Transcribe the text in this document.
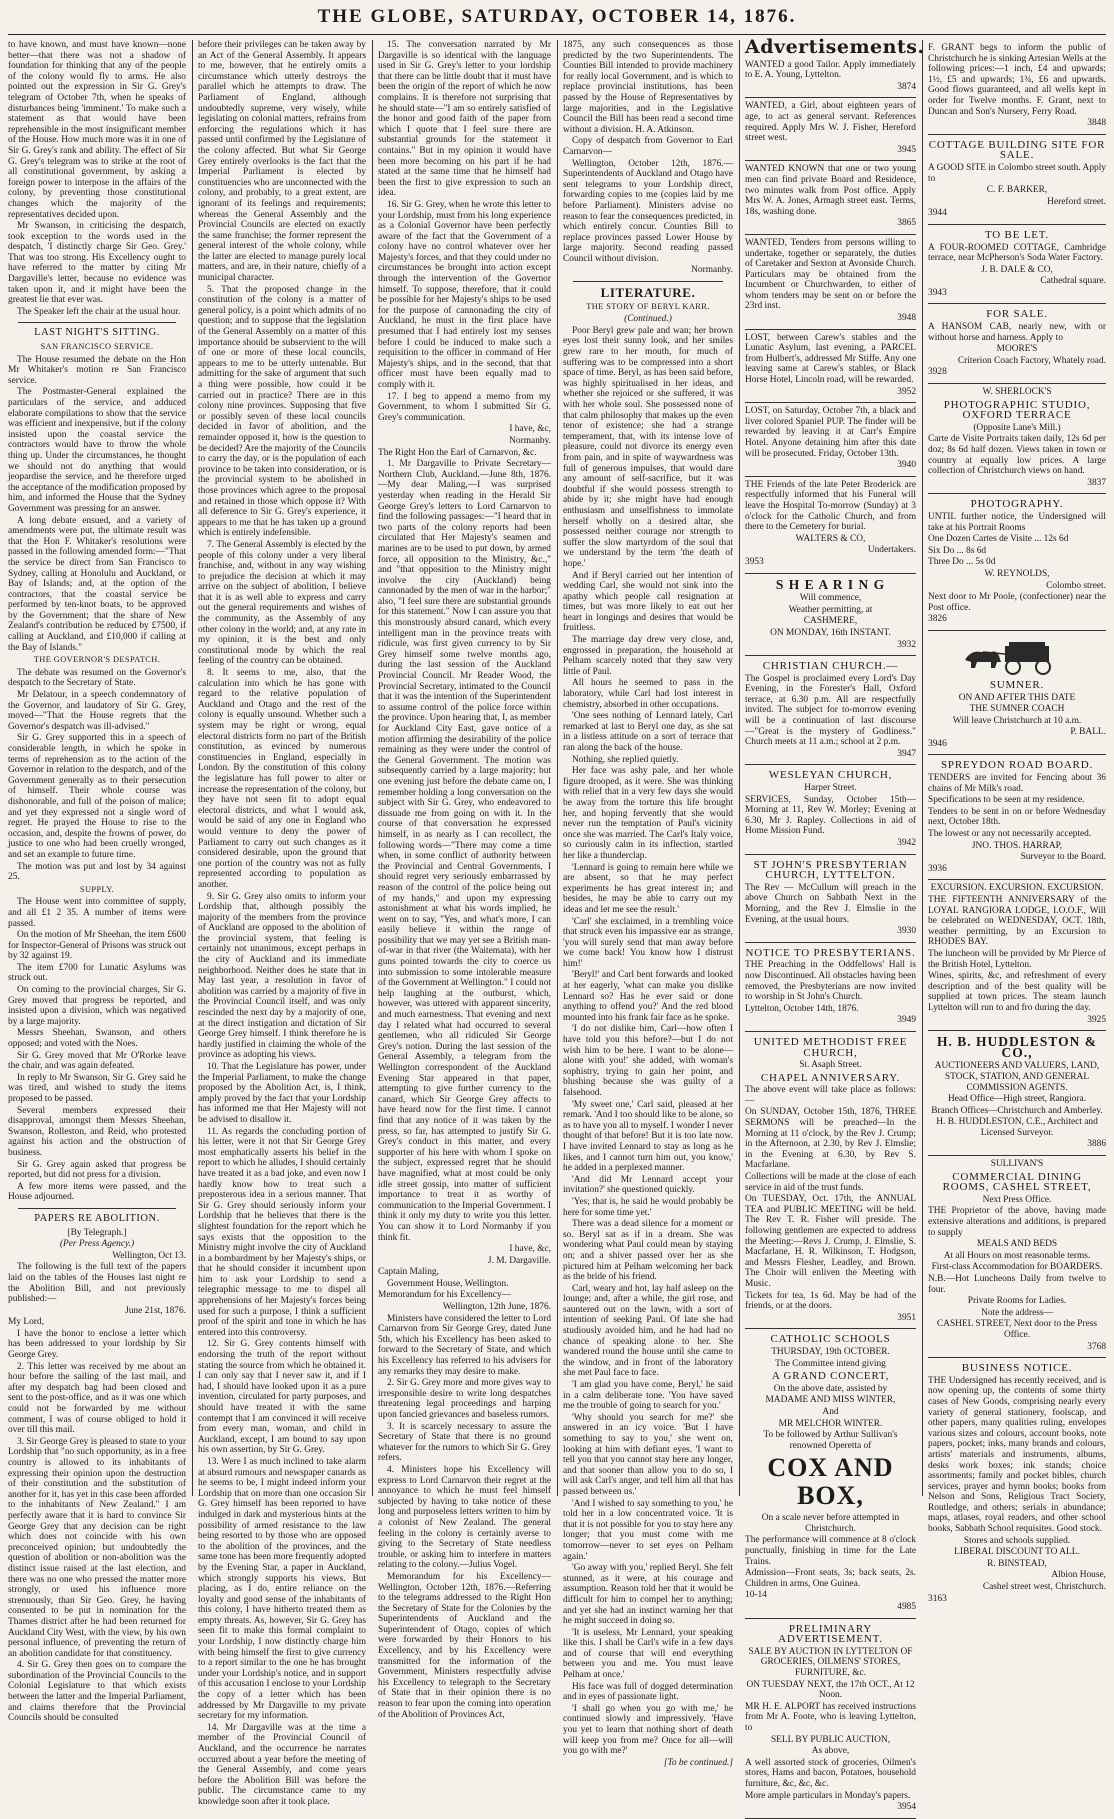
THE GLOBE, SATURDAY, OCTOBER 14, 1876.

to have known, and must have known—none better—that there was not a shadow of foundation for thinking that any of the people of the colony would fly to arms. He also pointed out the expression in Sir G. Grey's telegram of October 7th, when he speaks of disturbances being 'imminent.' To make such a statement as that would have been reprehensible in the most insignificant member of the House. How much more was it in one of Sir G. Grey's rank and ability. The effect of Sir G. Grey's telegram was to strike at the root of all constitutional government, by asking a foreign power to interpose in the affairs of the colony, by preventing those constitutional changes which the majority of the representatives decided upon.

Mr Swanson, in criticising the despatch, took exception to the words used in the despatch, 'I distinctly charge Sir Geo. Grey.' That was too strong. His Excellency ought to have referred to the matter by citing Mr Dargaville's letter, because no evidence was taken upon it, and it might have been the greatest lie that ever was.

The Speaker left the chair at the usual hour.

LAST NIGHT'S SITTING.

SAN FRANCISCO SERVICE.

The House resumed the debate on the Hon Mr Whitaker's motion re San Francisco service.

The Postmaster-General explained the particulars of the service, and adduced elaborate compilations to show that the service was efficient and inexpensive, but if the colony insisted upon the coastal service the contractors would have to throw the whole thing up. Under the circumstances, he thought we should not do anything that would jeopardise the service, and he therefore urged the acceptance of the modification proposed by him, and informed the House that the Sydney Government was pressing for an answer.

A long debate ensued, and a variety of amendments were put, the ultimate result was that the Hon F. Whitaker's resolutions were passed in the following amended form:—"That the service be direct from San Francisco to Sydney, calling at Honolulu and Auckland, or Bay of Islands; and, at the option of the contractors, that the coastal service be performed by ten-knot boats, to be approved by the Government; that the share of New Zealand's contribution be reduced by £7500, if calling at Auckland, and £10,000 if calling at the Bay of Islands."

THE GOVERNOR'S DESPATCH.

The debate was resumed on the Governor's despatch to the Secretary of State.

Mr Delatour, in a speech condemnatory of the Governor, and laudatory of Sir G. Grey, moved—"That the House regrets that the Governor's despatch was ill-advised."

Sir G. Grey supported this in a speech of considerable length, in which he spoke in terms of reprehension as to the action of the Governor in relation to the despatch, and of the Government generally as to their persecution of himself. Their whole course was dishonorable, and full of the poison of malice; and yet they expressed not a single word of regret. He prayed the House to rise to the occasion, and, despite the frowns of power, do justice to one who had been cruelly wronged, and set an example to future time.

The motion was put and lost by 34 against 25.

SUPPLY.

The House went into committee of supply, and all £1 2 35. A number of items were passed.

On the motion of Mr Sheehan, the item £600 for Inspector-General of Prisons was struck out by 32 against 19.

The item £700 for Lunatic Asylums was struck out.

On coming to the provincial charges, Sir G. Grey moved that progress be reported, and insisted upon a division, which was negatived by a large majority.

Messrs Sheehan, Swanson, and others opposed; and voted with the Noes.

Sir G. Grey moved that Mr O'Rorke leave the chair, and was again defeated.

In reply to Mr Swanson, Sir G. Grey said he was tired, and wished to study the items proposed to be passed.

Several members expressed their disapproval, amongst them Messrs Sheehan, Swanson, Rolleston, and Reid, who protested against his action and the obstruction of business.

Sir G. Grey again asked that progress be reported, but did not press for a division.

A few more items were passed, and the House adjourned.

PAPERS RE ABOLITION.

[By Telegraph.]

(Per Press Agency.)

Wellington, Oct 13.

The following is the full text of the papers laid on the tables of the Houses last night re the Abolition Bill, and not previously published:—

June 21st, 1876.

My Lord,

I have the honor to enclose a letter which has been addressed to your lordship by Sir George Grey.

2. This letter was received by me about an hour before the sailing of the last mail, and after my despatch bag had been closed and sent to the post-office, and as it was one which could not be forwarded by me without comment, I was of course obliged to hold it over till this mail.

3. Sir George Grey is pleased to state to your Lordship that "no such opportunity, as in a free country is allowed to its inhabitants of expressing their opinion upon the destruction of their constitution and the substitution of another for it, has yet in this case been afforded to the inhabitants of New Zealand." I am perfectly aware that it is hard to convince Sir George Grey that any decision can be right which does not coincide with his own preconceived opinion; but undoubtedly the question of abolition or non-abolition was the distinct issue raised at the last election, and there was no one who pressed the matter more strongly, or used his influence more strenuously, than Sir Geo. Grey, he having consented to be put in nomination for the Thames district after he had been returned for Auckland City West, with the view, by his own personal influence, of preventing the return of an abolition candidate for that constituency.

4. Sir G. Grey then goes on to compare the subordination of the Provincial Councils to the Colonial Legislature to that which exists between the latter and the Imperial Parliament, and claims therefore that the Provincial Councils should be consulted

before their privileges can be taken away by an Act of the General Assembly. It appears to me, however, that he entirely omits a circumstance which utterly destroys the parallel which he attempts to draw. The Parliament of England, although undoubtedly supreme, very wisely, while legislating on colonial matters, refrains from enforcing the regulations which it has passed until confirmed by the Legislature of the colony affected. But what Sir George Grey entirely overlooks is the fact that the Imperial Parliament is elected by constituencies who are unconnected with the colony, and probably, to a great extent, are ignorant of its feelings and requirements; whereas the General Assembly and the Provincial Councils are elected on exactly the same franchise; the former represent the general interest of the whole colony, while the latter are elected to manage purely local matters, and are, in their nature, chiefly of a municipal character.

5. That the proposed change in the constitution of the colony is a matter of general policy, is a point which admits of no question; and to suppose that the legislation of the General Assembly on a matter of this importance should be subservient to the will of one or more of these local councils, appears to me to be utterly untenable. But admitting for the sake of argument that such a thing were possible, how could it be carried out in practice? There are in this colony nine provinces. Supposing that five or possibly seven of these local councils decided in favor of abolition, and the remainder opposed it, how is the question to be decided? Are the majority of the Councils to carry the day, or is the population of each province to be taken into consideration, or is the provincial system to be abolished in those provinces which agree to the proposal and retained in those which oppose it? With all deference to Sir G. Grey's experience, it appears to me that he has taken up a ground which is entirely indefensible.

7. The General Assembly is elected by the people of this colony under a very liberal franchise, and, without in any way wishing to prejudice the decision at which it may arrive on the subject of abolition, I believe that it is as well able to express and carry out the general requirements and wishes of the community, as the Assembly of any other colony in the world; and, at any rate in my opinion, it is the best and only constitutional mode by which the real feeling of the country can be obtained.

8. It seems to me, also, that the calculation into which he has gone with regard to the relative population of Auckland and Otago and the rest of the colony is equally unsound. Whether such a system may be right or wrong, equal electoral districts form no part of the British constitution, as evinced by numerous constituencies in England, especially in London. By the constitution of this colony the legislature has full power to alter or increase the representation of the colony, but they have not seen fit to adopt equal electoral districts, and what I would ask, would be said of any one in England who would venture to deny the power of Parliament to carry out such changes as it considered desirable, upon the ground that one portion of the country was not as fully represented according to population as another.

9. Sir G. Grey also omits to inform your Lordship that, although possibly the majority of the members from the province of Auckland are opposed to the abolition of the provincial system, that feeling is certainly not unanimous, except perhaps in the city of Auckland and its immediate neighborhood. Neither does he state that in May last year, a resolution in favor of abolition was carried by a majority of five in the Provincial Council itself, and was only rescinded the next day by a majority of one, at the direct instigation and dictation of Sir George Grey himself. I think therefore he is hardly justified in claiming the whole of the province as adopting his views.

10. That the Legislature has power, under the Imperial Parliament, to make the change proposed by the Abolition Act, is, I think, amply proved by the fact that your Lordship has informed me that Her Majesty will not be advised to disallow it.

11. As regards the concluding portion of his letter, were it not that Sir George Grey most emphatically asserts his belief in the report to which he alludes, I should certainly have treated it as a bad joke, and even now I hardly know how to treat such a preposterous idea in a serious manner. That Sir G. Grey should seriously inform your Lordship that he believes that there is the slightest foundation for the report which he says exists that the opposition to the Ministry might involve the city of Auckland in a bombardment by her Majesty's ships, or that he should consider it incumbent upon him to ask your Lordship to send a telegraphic message to me to dispel all apprehensions of her Majesty's forces being used for such a purpose, I think a sufficient proof of the spirit and tone in which he has entered into this controversy.

12. Sir G. Grey contents himself with endorsing the truth of the report without stating the source from which he obtained it. I can only say that I never saw it, and if I had, I should have looked upon it as a pure invention, circulated for party purposes, and should have treated it with the same contempt that I am convinced it will receive from every man, woman, and child in Auckland, except, I am bound to say upon his own assertion, by Sir G. Grey.

13. Were I as much inclined to take alarm at absurd rumours and newspaper canards as he seems to be, I might indeed inform your Lordship that on more than one occasion Sir G. Grey himself has been reported to have indulged in dark and mysterious hints at the possibility of armed resistance to the law being resorted to by those who are opposed to the abolition of the provinces, and the same tone has been more frequently adopted by the Evening Star, a paper in Auckland, which strongly supports his views. But placing, as I do, entire reliance on the loyalty and good sense of the inhabitants of this colony, I have hitherto treated them as empty threats. As, however, Sir G. Grey has seen fit to make this formal complaint to your Lordship, I now distinctly charge him with being himself the first to give currency to a report similar to the one he has brought under your Lordship's notice, and in support of this accusation I enclose to your Lordship the copy of a letter which has been addressed by Mr Dargaville to my private secretary for my information.

14. Mr Dargaville was at the time a member of the Provincial Council of Auckland, and the occurrence he narrates occurred about a year before the meeting of the General Assembly, and come years before the Abolition Bill was before the public. The circumstance came to my knowledge soon after it took place.

15. The conversation narrated by Mr Dargaville is so identical with the language used in Sir G. Grey's letter to your lordship that there can be little doubt that it must have been the origin of the report of which he now complains. It is therefore not surprising that he should state—"I am so entirely satisfied of the honor and good faith of the paper from which I quote that I feel sure there are substantial grounds for the statement it contains." But in my opinion it would have been more becoming on his part if he had stated at the same time that he himself had been the first to give expression to such an idea.

16. Sir G. Grey, when he wrote this letter to your Lordship, must from his long experience as a Colonial Governor have been perfectly aware of the fact that the Government of a colony have no control whatever over her Majesty's forces, and that they could under no circumstances be brought into action except through the intervention of the Governor himself. To suppose, therefore, that it could be possible for her Majesty's ships to be used for the purpose of cannonading the city of Auckland, he must in the first place have presumed that I had entirely lost my senses before I could be induced to make such a requisition to the officer in command of Her Majesty's ships, and in the second, that that officer must have been equally mad to comply with it.

17. I beg to append a memo from my Government, to whom I submitted Sir G. Grey's communication.

I have, &c,

Normanby.

The Right Hon the Earl of Carnarvon, &c.

1. Mr Dargaville to Private Secretary—Northern Club, Auckland.—June 8th, 1876.—My dear Maling,—I was surprised yesterday when reading in the Herald Sir George Grey's letters to Lord Carnarvon to find the following passages:—"I heard that in two parts of the colony reports had been circulated that Her Majesty's seamen and marines are to be used to put down, by armed force, all opposition to the Ministry, &c.," and "that opposition to the Ministry might involve the city (Auckland) being cannonaded by the men of war in the harbor;" also, "I feel sure there are substantial grounds for this statement." Now I can assure you that this monstrously absurd canard, which every intelligent man in the province treats with ridicule, was first given currency to by Sir Grey himself some twelve months ago, during the last session of the Auckland Provincial Council. Mr Reader Wood, the Provincial Secretary, intimated to the Council that it was the intention of the Superintendent to assume control of the police force within the province. Upon hearing that, I, as member for Auckland City East, gave notice of a motion affirming the desirability of the police remaining as they were under the control of the General Government. The motion was subsequently carried by a large majority; but one evening just before the debate came on, I remember holding a long conversation on the subject with Sir G. Grey, who endeavored to dissuade me from going on with it. In the course of that conversation he expressed himself, in as nearly as I can recollect, the following words—"There may come a time when, in some conflict of authority between the Provincial and Central Governments, I should regret very seriously embarrassed by reason of the control of the police being out of my hands," and upon my expressing astonishment at what his words implied, he went on to say, "Yes, and what's more, I can easily believe it within the range of possibility that we may yet see a British man-of-war in that river (the Waitemata), with her guns pointed towards the city to coerce us into submission to some intolerable measure of the Government at Wellington." I could not help laughing at the outburst, which, however, was uttered with apparent sincerity, and much earnestness. That evening and next day I related what had occurred to several gentlemen, who all ridiculed Sir George Grey's notion. During the last session of the General Assembly, a telegram from the Wellington correspondent of the Auckland Evening Star appeared in that paper, attempting to give further currency to the canard, which Sir George Grey affects to have heard now for the first time. I cannot find that any notice of it was taken by the press, so far, has attempted to justify Sir G. Grey's conduct in this matter, and every supporter of his here with whom I spoke on the subject, expressed regret that he should have magnified, what at most could be only idle street gossip, into matter of sufficient importance to treat it as worthy of communication to the Imperial Government. I think it only my duty to write you this letter. You can show it to Lord Normanby if you think fit.

I have, &c,

J. M. Dargaville.

Captain Maling,

Government House, Wellington.

Memorandum for his Excellency—

Wellington, 12th June, 1876.

Ministers have considered the letter to Lord Carnarvon from Sir George Grey, dated June 5th, which his Excellency has been asked to forward to the Secretary of State, and which his Excellency has referred to his advisers for any remarks they may desire to make.

2. Sir G. Grey more and more gives way to irresponsible desire to write long despatches threatening legal proceedings and harping upon fancied grievances and baseless rumors.

3. It is scarcely necessary to assure the Secretary of State that there is no ground whatever for the rumors to which Sir G. Grey refers.

4. Ministers hope his Excellency will express to Lord Carnarvon their regret at the annoyance to which he must feel himself subjected by having to take notice of these long and purposeless letters written to him by a colonist of New Zealand. The general feeling in the colony is certainly averse to giving to the Secretary of State needless trouble, or asking him to interfere in matters relating to the colony.—Julius Vogel.

Memorandum for his Excellency—Wellington, October 12th, 1876.—Referring to the telegrams addressed to the Right Hon the Secretary of State for the Colonies by the Superintendents of Auckland and the Superintendent of Otago, copies of which were forwarded by their Honors to his Excellency, and by his Excellency were transmitted for the information of the Government, Ministers respectfully advise his Excellency to telegraph to the Secretary of State that in their opinion there is no reason to fear upon the coming into operation of the Abolition of Provinces Act,

1875, any such consequences as those predicted by the two Superintendents. The Counties Bill intended to provide machinery for really local Government, and is which to replace provincial institutions, has been passed by the House of Representatives by large majorities, and in the Legislative Council the Bill has been read a second time without a division. H. A. Atkinson.

Copy of despatch from Governor to Earl Carnarvon—

Wellington, October 12th, 1876.—Superintendents of Auckland and Otago have sent telegrams to your Lordship direct, forwarding copies to me (copies laid by me before Parliament). Ministers advise no reason to fear the consequences predicted, in which entirely concur. Counties Bill to replace provinces passed Lower House by large majority. Second reading passed Council without division.

Normanby.

LITERATURE.

THE STORY OF BERYL KARR.

(Continued.)

Poor Beryl grew pale and wan; her brown eyes lost their sunny look, and her smiles grew rare to her mouth, for much of suffering was to be compressed into a short space of time. Beryl, as has been said before, was highly spiritualised in her ideas, and whether she rejoiced or she suffered, it was with her whole soul. She possessed none of that calm philosophy that makes up the even tenor of existence; she had a strange temperament, that, with its intense love of pleasure, could not divorce its energy even from pain, and in spite of waywardness was full of generous impulses, that would dare any amount of self-sacrifice, but it was doubtful if she would possess strength to abide by it; she might have had enough enthusiasm and unselfishness to immolate herself wholly on a desired altar, she possessed neither courage nor strength to suffer the slow martyrdom of the soul that we understand by the term 'the death of hope.'

And if Beryl carried out her intention of wedding Carl, she would not sink into the apathy which people call resignation at times, but was more likely to eat out her heart in longings and desires that would be fruitless.

The marriage day drew very close, and, engrossed in preparation, the household at Pelham scarcely noted that they saw very little of Paul.

All hours he seemed to pass in the laboratory, while Carl had lost interest in chemistry, absorbed in other occupations.

'One sees nothing of Lennard lately, Carl remarked at last to Beryl one day, as she sat in a listless attitude on a sort of terrace that ran along the back of the house.

Nothing, she replied quietly.

Her face was ashy pale, and her whole figure drooped, as it were. She was thinking with relief that in a very few days she would be away from the torture this life brought her, and hoping fervently that she would never run the temptation of Paul's vicinity once she was married. The Carl's Italy voice, so curiously calm in its inflection, startled her like a thunderclap.

'Lennard is going to remain here while we are absent, so that he may perfect experiments he has great interest in; and besides, he may be able to carry out my ideas and let me see the result.'

'Carl' she exclaimed, in a trembling voice that struck even his impassive ear as strange, 'you will surely send that man away before we come back! You know how I distrust him!'

'Beryl!' and Carl bent forwards and looked at her eagerly, 'what can make you dislike Lennard so? Has he ever said or done anything to offend you?' And the red blood mounted into his frank fair face as he spoke.

'I do not dislike him, Carl—how often I have told you this before?—but I do not wish him to be here. I want to be alone—alone with you!' she added, with woman's sophistry, trying to gain her point, and blushing because she was guilty of a falsehood.

'My sweet one,' Carl said, pleased at her remark. 'And I too should like to be alone, so as to have you all to myself. I wonder I never thought of that before! But it is too late now. I have invited Lennard to stay as long as he likes, and I cannot turn him out, you know,' he added in a perplexed manner.

'And did Mr Lennard accept your invitation?' she questioned quickly.

'Yes; that is, he said he would probably be here for some time yet.'

There was a dead silence for a moment or so. Beryl sat as if in a dream. She was wondering what Paul could mean by staying on; and a shiver passed over her as she pictured him at Pelham welcoming her back as the bride of his friend.

Carl, weary and hot, lay half asleep on the lounge; and, after a while, the girl rose, and sauntered out on the lawn, with a sort of intention of seeking Paul. Of late she had studiously avoided him, and he had had no chance of speaking alone to her. She wandered round the house until she came to the window, and in front of the laboratory she met Paul face to face.

'I am glad you have come, Beryl,' he said in a calm deliberate tone. 'You have saved me the trouble of going to search for you.'

'Why should you search for me?' she answered in an icy voice. 'But I have something to say to you,' she went on, looking at him with defiant eyes. 'I want to tell you that you cannot stay here any longer, and that sooner than allow you to do so, I will ask Carl's anger, and tell him all that has passed between us.'

'And I wished to say something to you,' he told her in a low concentrated voice. 'It is that it is not possible for you to stay here any longer; that you must come with me tomorrow—never to set eyes on Pelham again.'

'Go away with you,' replied Beryl. She felt stunned, as it were, at his courage and assumption. Reason told her that it would be difficult for him to compel her to anything; and yet she had an instinct warning her that he might succeed in doing so.

'It is useless, Mr Lennard, your speaking like this. I shall be Carl's wife in a few days and of course that will end everything between you and me. You must leave Pelham at once.'

His face was full of dogged determination and in eyes of passionate light.

'I shall go when you go with me,' he continued slowly and impressively. 'Have you yet to learn that nothing short of death will keep you from me? Once for all—will you go with me?'

[To be continued.]

Advertisements.

WANTED a good Tailor. Apply immediately to E. A. Young, Lyttelton.

3874

WANTED, a Girl, about eighteen years of age, to act as general servant. References required. Apply Mrs W. J. Fisher, Hereford street west.

3945

WANTED KNOWN that one or two young men can find private Board and Residence, two minutes walk from Post office. Apply Mrs W. A. Jones, Armagh street east. Terms, 18s, washing done.

3865

WANTED, Tenders from persons willing to undertake, together or separately, the duties of Caretaker and Sexton at Avonside Church. Particulars may be obtained from the Incumbent or Churchwarden, to either of whom tenders may be sent on or before the 23rd inst.

3948

LOST, between Carew's stables and the Lunatic Asylum, last evening, a PARCEL from Hulbert's, addressed Mr Stiffe. Any one leaving same at Carew's stables, or Black Horse Hotel, Lincoln road, will be rewarded.

3952

LOST, on Saturday, October 7th, a black and liver colored Spaniel PUP. The finder will be rewarded by leaving it at Carr's Empire Hotel. Anyone detaining him after this date will be prosecuted. Friday, October 13th.

3940

THE Friends of the late Peter Broderick are respectfully informed that his Funeral will leave the Hospital To-morrow (Sunday) at 3 o'clock for the Catholic Church, and from there to the Cemetery for burial.

WALTERS & CO,

Undertakers.

3953

S H E A R I N G

Will commence,

Weather permitting, at

CASHMERE,

ON MONDAY, 16th INSTANT.

3932

CHRISTIAN CHURCH.—

The Gospel is proclaimed every Lord's Day Evening, in the Forester's Hall, Oxford terrace, at 6.30 p.m. All are respectfully invited. The subject for to-morrow evening will be a continuation of last discourse—"Great is the mystery of Godliness." Church meets at 11 a.m.; school at 2 p.m.

3947

WESLEYAN CHURCH,

Harper Street.

SERVICES, Sunday, October 15th—Morning at 11, Rev W. Morley; Evening at 6.30, Mr J. Rapley. Collections in aid of Home Mission Fund.

3942

ST JOHN'S PRESBYTERIAN CHURCH, LYTTELTON.

The Rev — McCullum will preach in the above Church on Sabbath Next in the Morning, and the Rev J. Elmslie in the Evening, at the usual hours.

3930

NOTICE TO PRESBYTERIANS.

THE Preaching in the Oddfellows' Hall is now Discontinued. All obstacles having been removed, the Presbyterians are now invited to worship in St John's Church.

Lyttelton, October 14th, 1876.

3949

UNITED METHODIST FREE CHURCH,

St. Asaph Street.

CHAPEL ANNIVERSARY.

The above event will take place as follows:—

On SUNDAY, October 15th, 1876, THREE SERMONS will be preached—In the Morning at 11 o'clock, by the Rev J. Crump; in the Afternoon, at 2.30, by Rev J. Elmslie; in the Evening at 6.30, by Rev S. Macfarlane.

Collections will be made at the close of each service in aid of the trust funds.

On TUESDAY, Oct. 17th, the ANNUAL TEA and PUBLIC MEETING will be held. The Rev T. R. Fisher will preside. The following gentlemen are expected to address the Meeting:—Revs J. Crump, J. Elmslie, S. Macfarlane, H. R. Wilkinson, T. Hodgson, and Messrs Flesher, Leadley, and Brown. The Choir will enliven the Meeting with Music.

Tickets for tea, 1s 6d. May be had of the friends, or at the doors.

3951

CATHOLIC SCHOOLS

THURSDAY, 19th OCTOBER.

The Committee intend giving

A GRAND CONCERT,

On the above date, assisted by

MADAME AND MISS WINTER,

And

MR MELCHOR WINTER.

To be followed by Arthur Sullivan's renowned Operetta of

COX AND BOX,

On a scale never before attempted in Christchurch.

The performance will commence at 8 o'clock punctually, finishing in time for the Late Trains.

Admission—Front seats, 3s; back seats, 2s. Children in arms, One Guinea.

10-14

4985

PRELIMINARY ADVERTISEMENT.

SALE BY AUCTION IN LYTTELTON OF GROCERIES, OILMENS' STORES, FURNITURE, &c.

ON TUESDAY NEXT, the 17th OCT., At 12 Noon.

MR H. E. ALPORT has received instructions from Mr A. Foote, who is leaving Lyttelton, to

SELL BY PUBLIC AUCTION,

As above,

A well assorted stock of groceries, Oilmen's stores, Hams and bacon, Potatoes, household furniture, &c, &c, &c.

More ample particulars in Monday's papers.

3954

F. GRANT begs to inform the public of Christchurch he is sinking Artesian Wells at the following prices:—1 inch, £4 and upwards; 1½, £5 and upwards; 1¾, £6 and upwards. Good flows guaranteed, and all wells kept in order for Twelve months. F. Grant, next to Duncan and Son's Nursery, Ferry Road.

3848

COTTAGE BUILDING SITE FOR SALE.

A GOOD SITE in Colombo street south. Apply to

C. F. BARKER,

Hereford street.

3944

TO BE LET.

A FOUR-ROOMED COTTAGE, Cambridge terrace, near McPherson's Soda Water Factory.

J. B. DALE & CO,

Cathedral square.

3943

FOR SALE.

A HANSOM CAB, nearly new, with or without horse and harness. Apply to

MOORE'S

Criterion Coach Factory, Whately road.

3928

W. SHERLOCK'S

PHOTOGRAPHIC STUDIO, OXFORD TERRACE

(Opposite Lane's Mill.)

Carte de Visite Portraits taken daily, 12s 6d per doz; 8s 6d half dozen. Views taken in town or country at equally low prices. A large collection of Christchurch views on hand.

3837

PHOTOGRAPHY.

UNTIL further notice, the Undersigned will take at his Portrait Rooms

One Dozen Cartes de Visite ... 12s 6d

Six Do ... 8s 6d

Three Do ... 5s 0d

W. REYNOLDS,

Colombo street.

Next door to Mr Poole, (confectioner) near the Post office.

3826

SUMNER.

ON AND AFTER THIS DATE

THE SUMNER COACH

Will leave Christchurch at 10 a.m.

P. BALL.

3946

SPREYDON ROAD BOARD.

TENDERS are invited for Fencing about 36 chains of Mr Milk's road.

Specifications to be seen at my residence.

Tenders to be sent in on or before Wednesday next, October 18th.

The lowest or any not necessarily accepted.

JNO. THOS. HARRAP,

Surveyor to the Board.

3936

EXCURSION. EXCURSION. EXCURSION.

THE FIFTEENTH ANNIVERSARY of the LOYAL RANGIORA LODGE, I.O.O.F., Will be celebrated on WEDNESDAY, OCT. 18th, weather permitting, by an Excursion to RHODES BAY.

The luncheon will be provided by Mr Pierce of the British Hotel, Lyttelton.

Wines, spirits, &c, and refreshment of every description and of the best quality will be supplied at town prices. The steam launch Lyttelton will run to and fro during the day.

3925

H. B. HUDDLESTON & CO.,

AUCTIONEERS AND VALUERS, LAND, STOCK, STATION, AND GENERAL COMMISSION AGENTS.

Head Office—High street, Rangiora.

Branch Offices—Christchurch and Amberley.

H. B. HUDDLESTON, C.E., Architect and Licensed Surveyor.

3886

SULLIVAN'S

COMMERCIAL DINING ROOMS, CASHEL STREET,

Next Press Office.

THE Proprietor of the above, having made extensive alterations and additions, is prepared to supply

MEALS AND BEDS

At all Hours on most reasonable terms.

First-class Accommodation for BOARDERS.

N.B.—Hot Luncheons Daily from twelve to four.

Private Rooms for Ladies.

Note the address—

CASHEL STREET, Next door to the Press Office.

3768

BUSINESS NOTICE.

THE Undersigned has recently received, and is now opening up, the contents of some thirty cases of New Goods, comprising nearly every variety of general stationery, foolscap, and other papers, many qualities ruling, envelopes various sizes and colours, account books, note papers, pocket; inks, many brands and colours, artists' materials and instruments, albums, desks work boxes; ink stands; choice assortments; family and pocket bibles, church services, prayer and hymn books; books from Nelson and Sons, Religious Tract Society, Routledge, and others; serials in abundance; maps, atlases, royal readers, and other school books, Sabbath School requisites. Good stock.

Stores and schools supplied.

LIBERAL DISCOUNT TO ALL.

R. BINSTEAD,

Albion House,

Cashel street west, Christchurch.

3163
